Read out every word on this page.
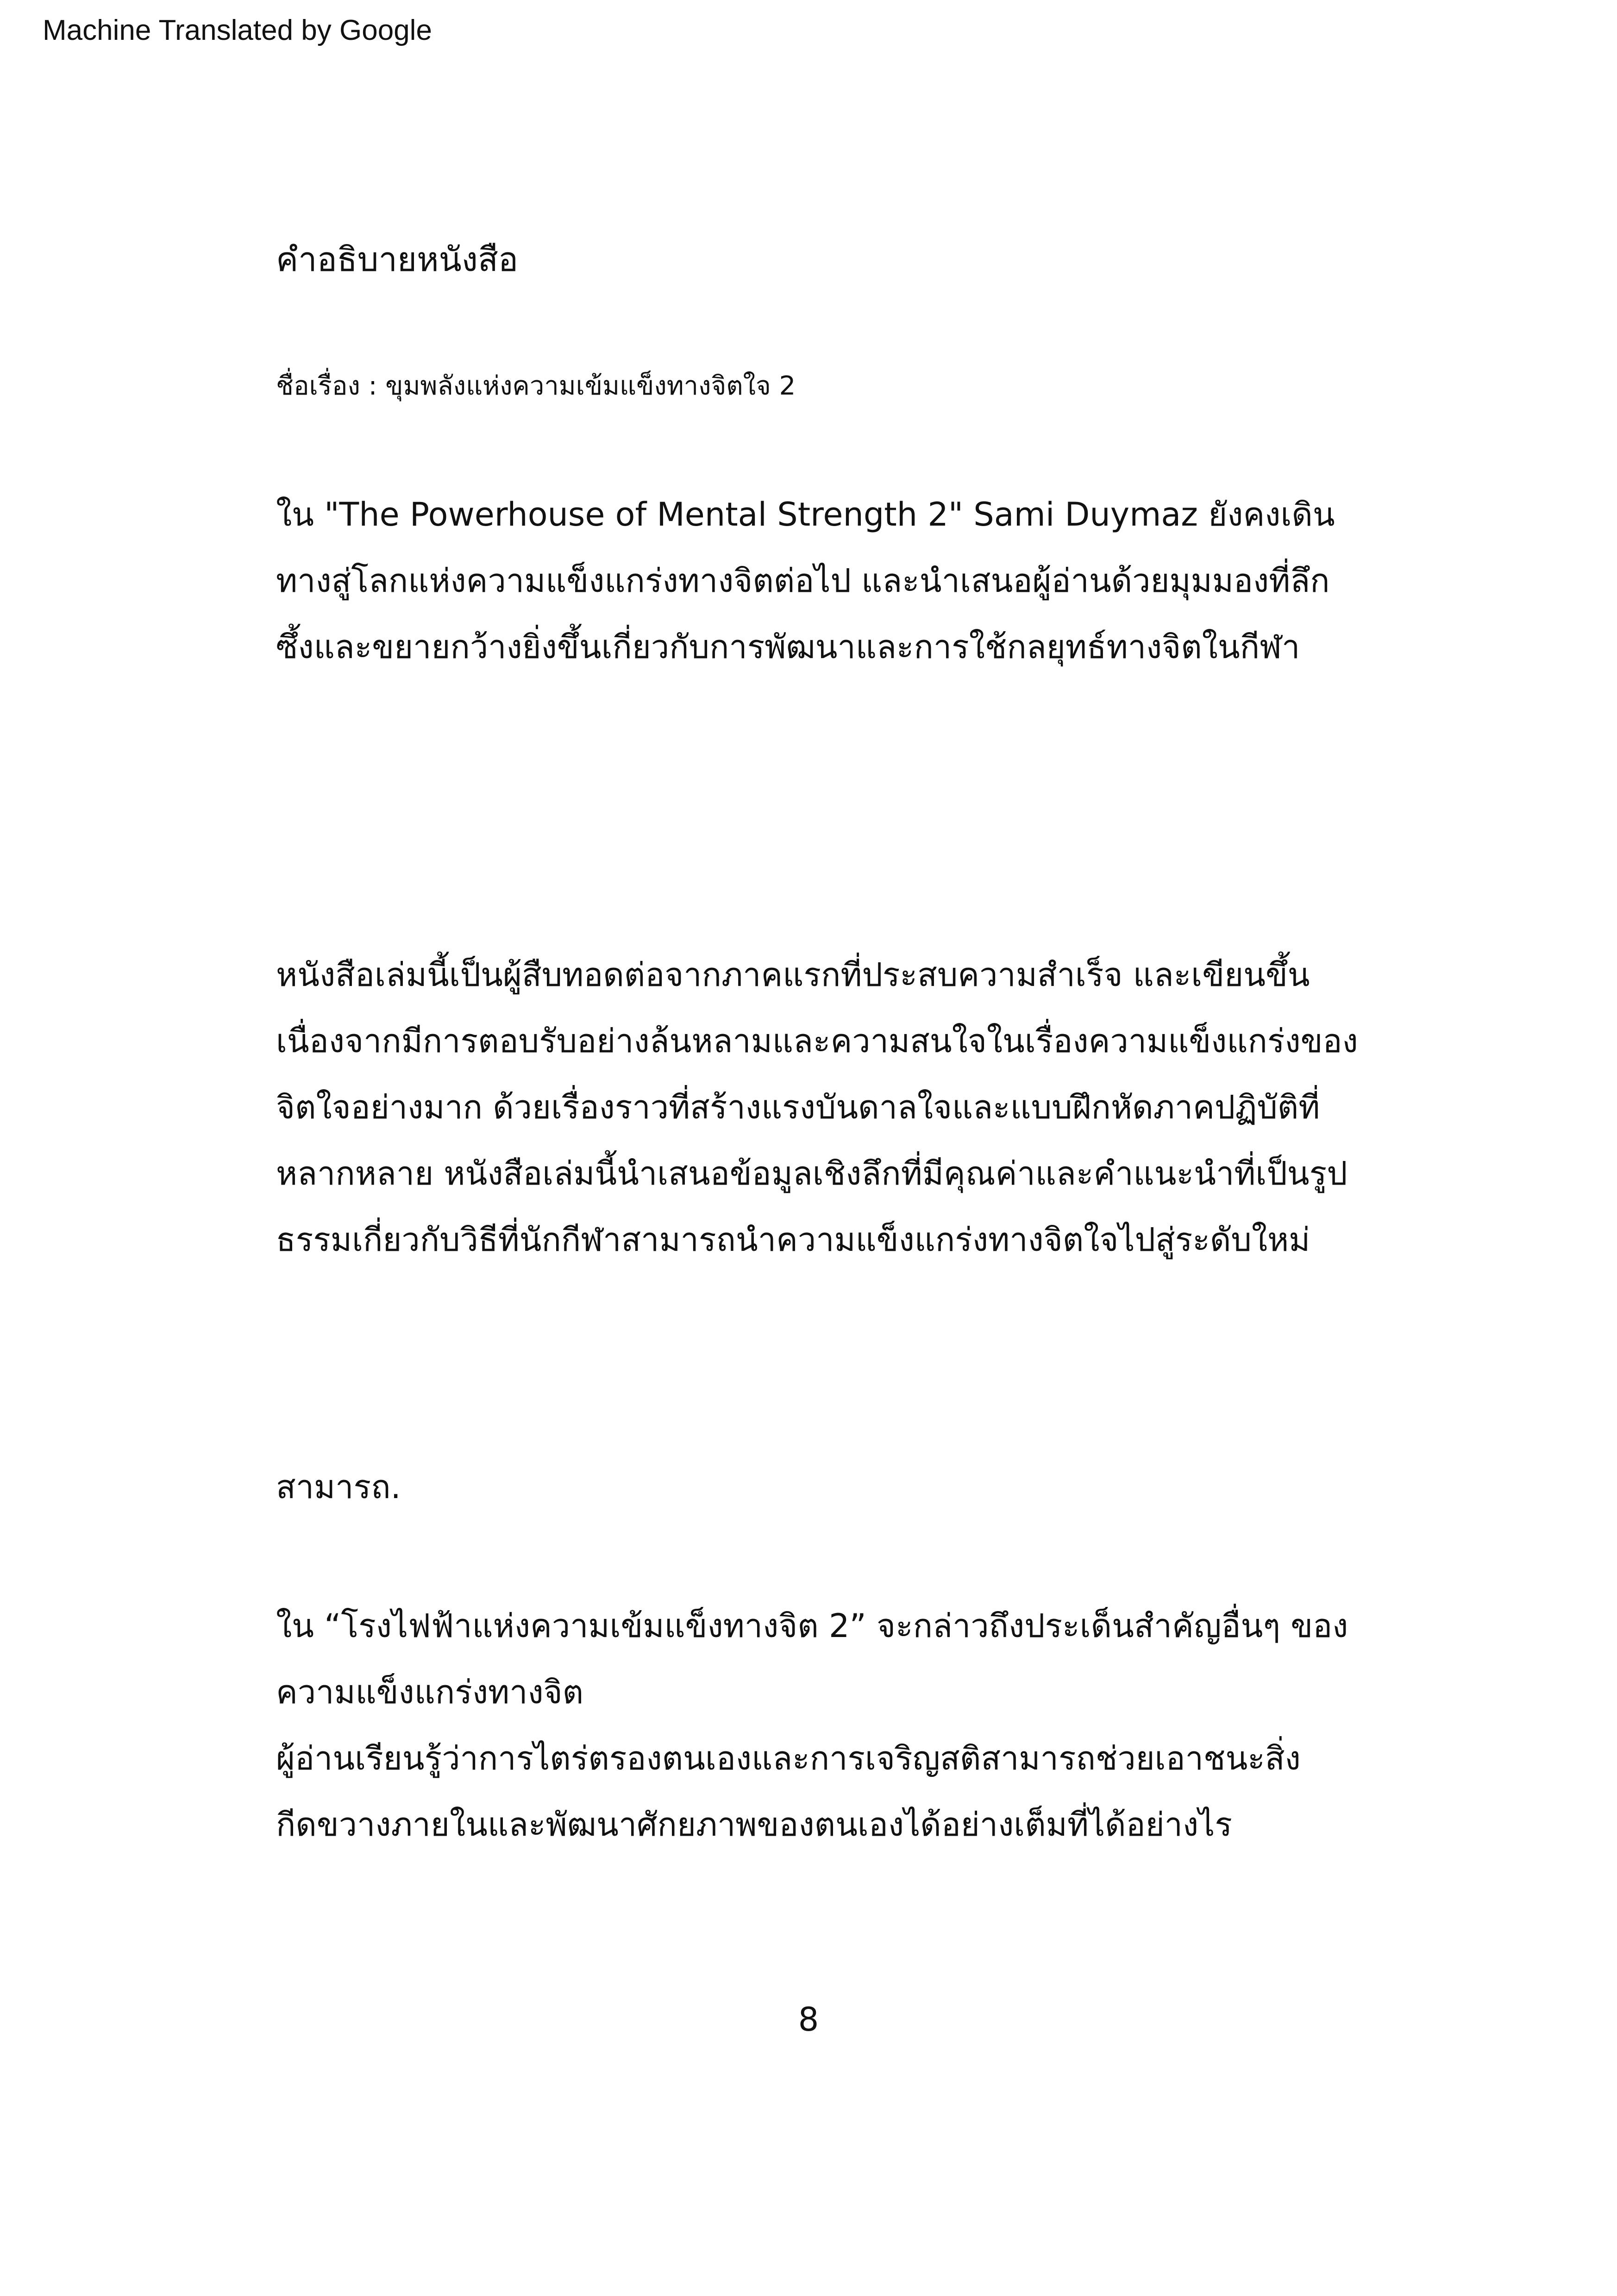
Machine Translated by Google
คำอธิบายหนังสือ
ชื่อเรื่อง : ขุมพลังแห่งความเข้มแข็งทางจิตใจ 2
ใน "The Powerhouse of Mental Strength 2" Sami Duymaz ยังคงเดิน
ทางสู่โลกแห่งความแข็งแกร่งทางจิตต่อไป และนำเสนอผู้อ่านด้วยมุมมองที่ลึก
ซึ้งและขยายกว้างยิ่งขึ้นเกี่ยวกับการพัฒนาและการใช้กลยุทธ์ทางจิตในกีฬา
หนังสือเล่มนี้เป็นผู้สืบทอดต่อจากภาคแรกที่ประสบความสำเร็จ และเขียนขึ้น
เนื่องจากมีการตอบรับอย่างล้นหลามและความสนใจในเรื่องความแข็งแกร่งของ
จิตใจอย่างมาก ด้วยเรื่องราวที่สร้างแรงบันดาลใจและแบบฝึกหัดภาคปฏิบัติที่
หลากหลาย หนังสือเล่มนี้นำเสนอข้อมูลเชิงลึกที่มีคุณค่าและคำแนะนำที่เป็นรูป
ธรรมเกี่ยวกับวิธีที่นักกีฬาสามารถนำความแข็งแกร่งทางจิตใจไปสู่ระดับใหม่
สามารถ.
ใน “โรงไฟฟ้าแห่งความเข้มแข็งทางจิต 2” จะกล่าวถึงประเด็นสำคัญอื่นๆ ของ
ความแข็งแกร่งทางจิต
ผู้อ่านเรียนรู้ว่าการไตร่ตรองตนเองและการเจริญสติสามารถช่วยเอาชนะสิ่ง
กีดขวางภายในและพัฒนาศักยภาพของตนเองได้อย่างเต็มที่ได้อย่างไร
8
